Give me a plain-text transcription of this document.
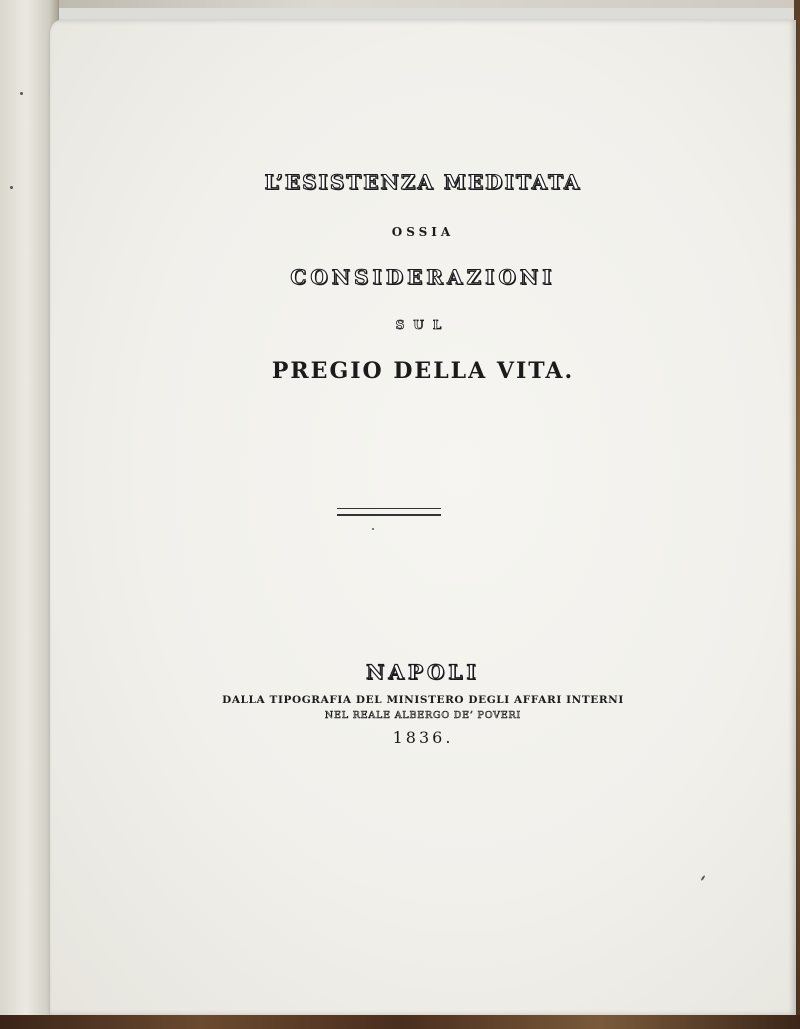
L’ESISTENZA MEDITATA
OSSIA
CONSIDERAZIONI
SUL
PREGIO DELLA VITA.
NAPOLI
DALLA TIPOGRAFIA DEL MINISTERO DEGLI AFFARI INTERNI
NEL REALE ALBERGO DE’ POVERI
1836.
